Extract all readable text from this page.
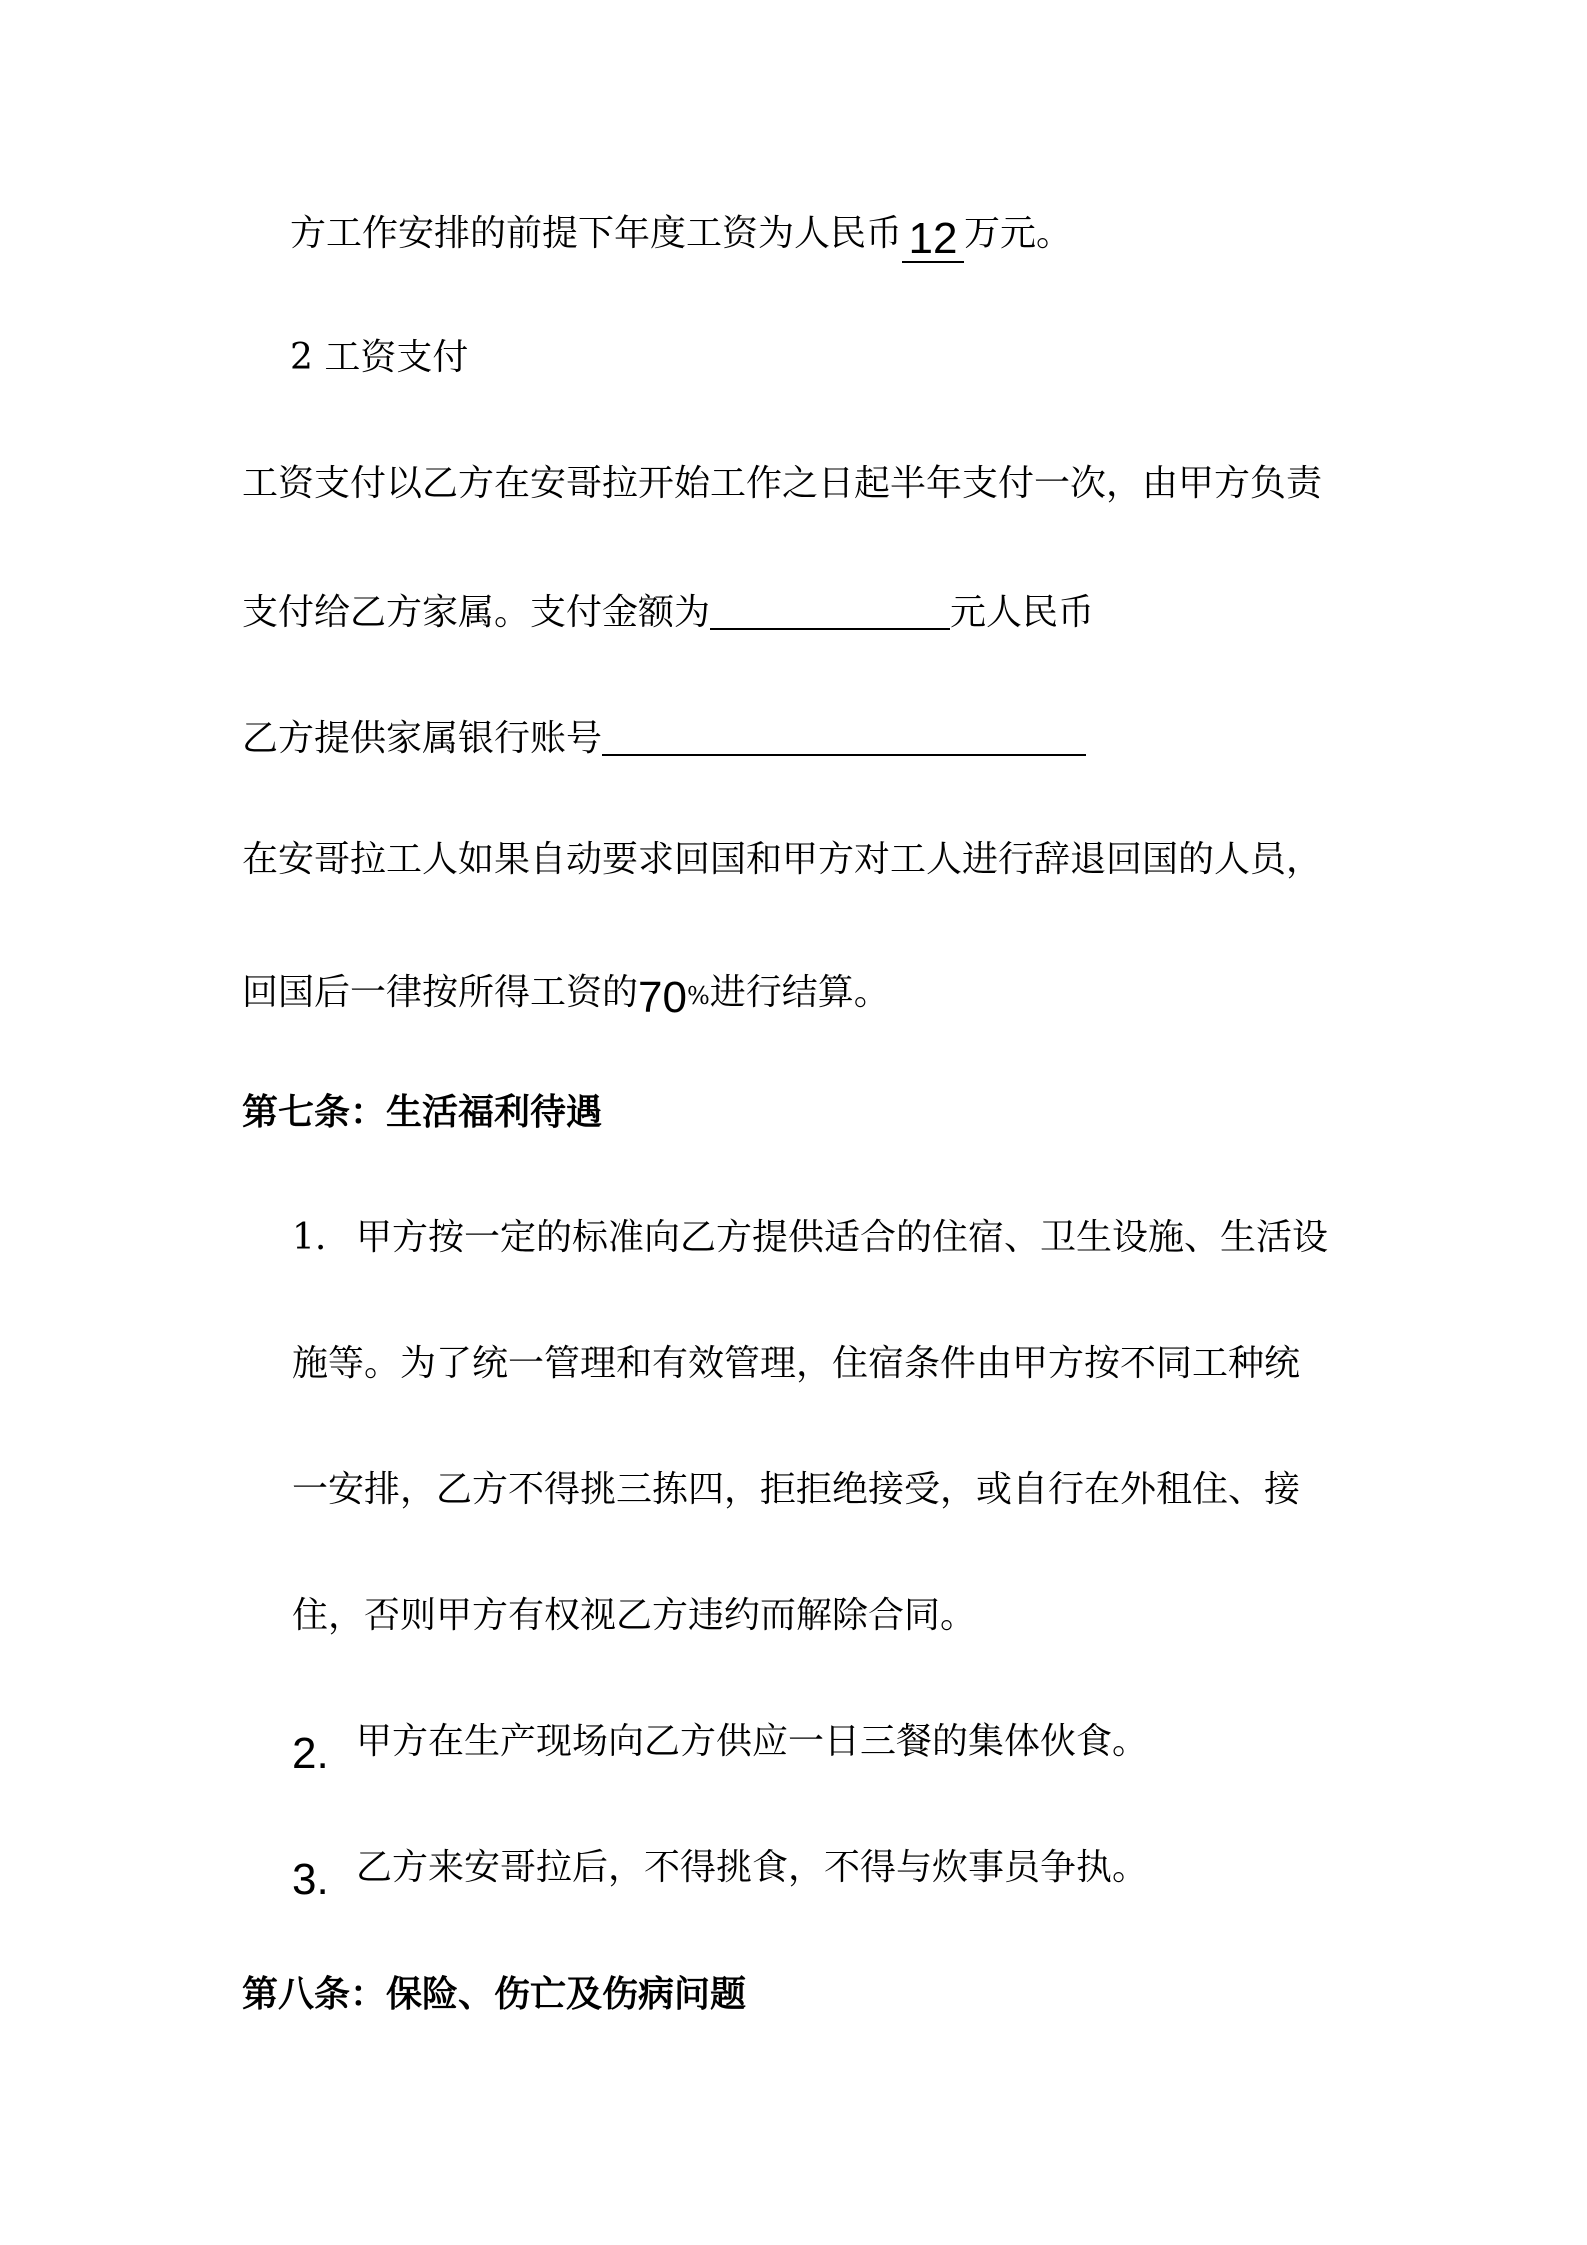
方工作安排的前提下年度工资为人民币 12 万元。
2 工资支付
工资支付以乙方在安哥拉开始工作之日起半年支付一次，由甲方负责
支付给乙方家属。支付金额为	元人民币
乙方提供家属银行账号
在安哥拉工人如果自动要求回国和甲方对工人进行辞退回国的人员，
回国后一律按所得工资的70%进行结算。
第七条：生活福利待遇
1. 甲方按一定的标准向乙方提供适合的住宿、卫生设施、生活设
施等。为了统一管理和有效管理，住宿条件由甲方按不同工种统
一安排，乙方不得挑三拣四，拒拒绝接受，或自行在外租住、接
住，否则甲方有权视乙方违约而解除合同。
2. 甲方在生产现场向乙方供应一日三餐的集体伙食。
3. 乙方来安哥拉后，不得挑食，不得与炊事员争执。
第八条：保险、伤亡及伤病问题
